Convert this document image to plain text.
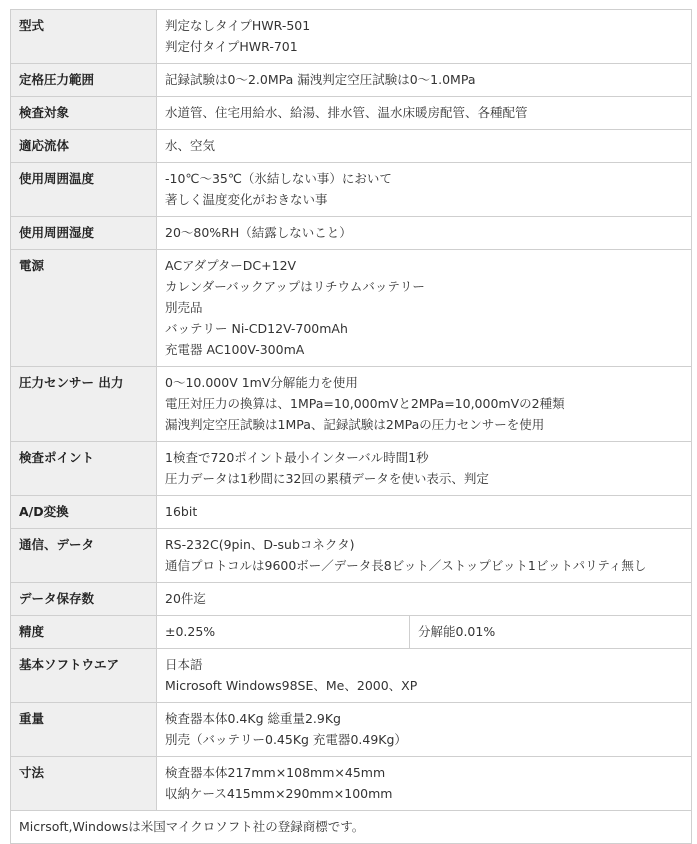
型式	判定なしタイプHWR-501
判定付タイプHWR-701	

定格圧力範囲	記録試験は0～2.0MPa 漏洩判定空圧試験は0～1.0MPa	

検査対象	水道管、住宅用給水、給湯、排水管、温水床暖房配管、各種配管	

適応流体	水、空気	

使用周囲温度	-10℃～35℃（氷結しない事）において
著しく温度変化がおきない事	

使用周囲湿度	20～80%RH（結露しないこと）	

電源	ACアダプターDC+12V
カレンダーバックアップはリチウムバッテリー
別売品
バッテリー Ni-CD12V-700mAh
充電器 AC100V-300mA	

圧力センサー 出力	0～10.000V 1mV分解能力を使用
電圧対圧力の換算は、1MPa=10,000mVと2MPa=10,000mVの2種類
漏洩判定空圧試験は1MPa、記録試験は2MPaの圧力センサーを使用	

検査ポイント	1検査で720ポイント最小インターバル時間1秒
圧力データは1秒間に32回の累積データを使い表示、判定	

A/D変換	16bit	

通信、データ	RS-232C(9pin、D-subコネクタ)
通信プロトコルは9600ボー／データ長8ビット／ストップビット1ビットパリティ無し	

データ保存数	20件迄	

精度	±0.25%	分解能0.01%
基本ソフトウエア	日本語
Microsoft Windows98SE、Me、2000、XP	

重量	検査器本体0.4Kg 総重量2.9Kg
別売（バッテリー0.45Kg 充電器0.49Kg）	

寸法	検査器本体217mm×108mm×45mm
収納ケース415mm×290mm×100mm	

Micrsoft,Windowsは米国マイクロソフト社の登録商標です。		
